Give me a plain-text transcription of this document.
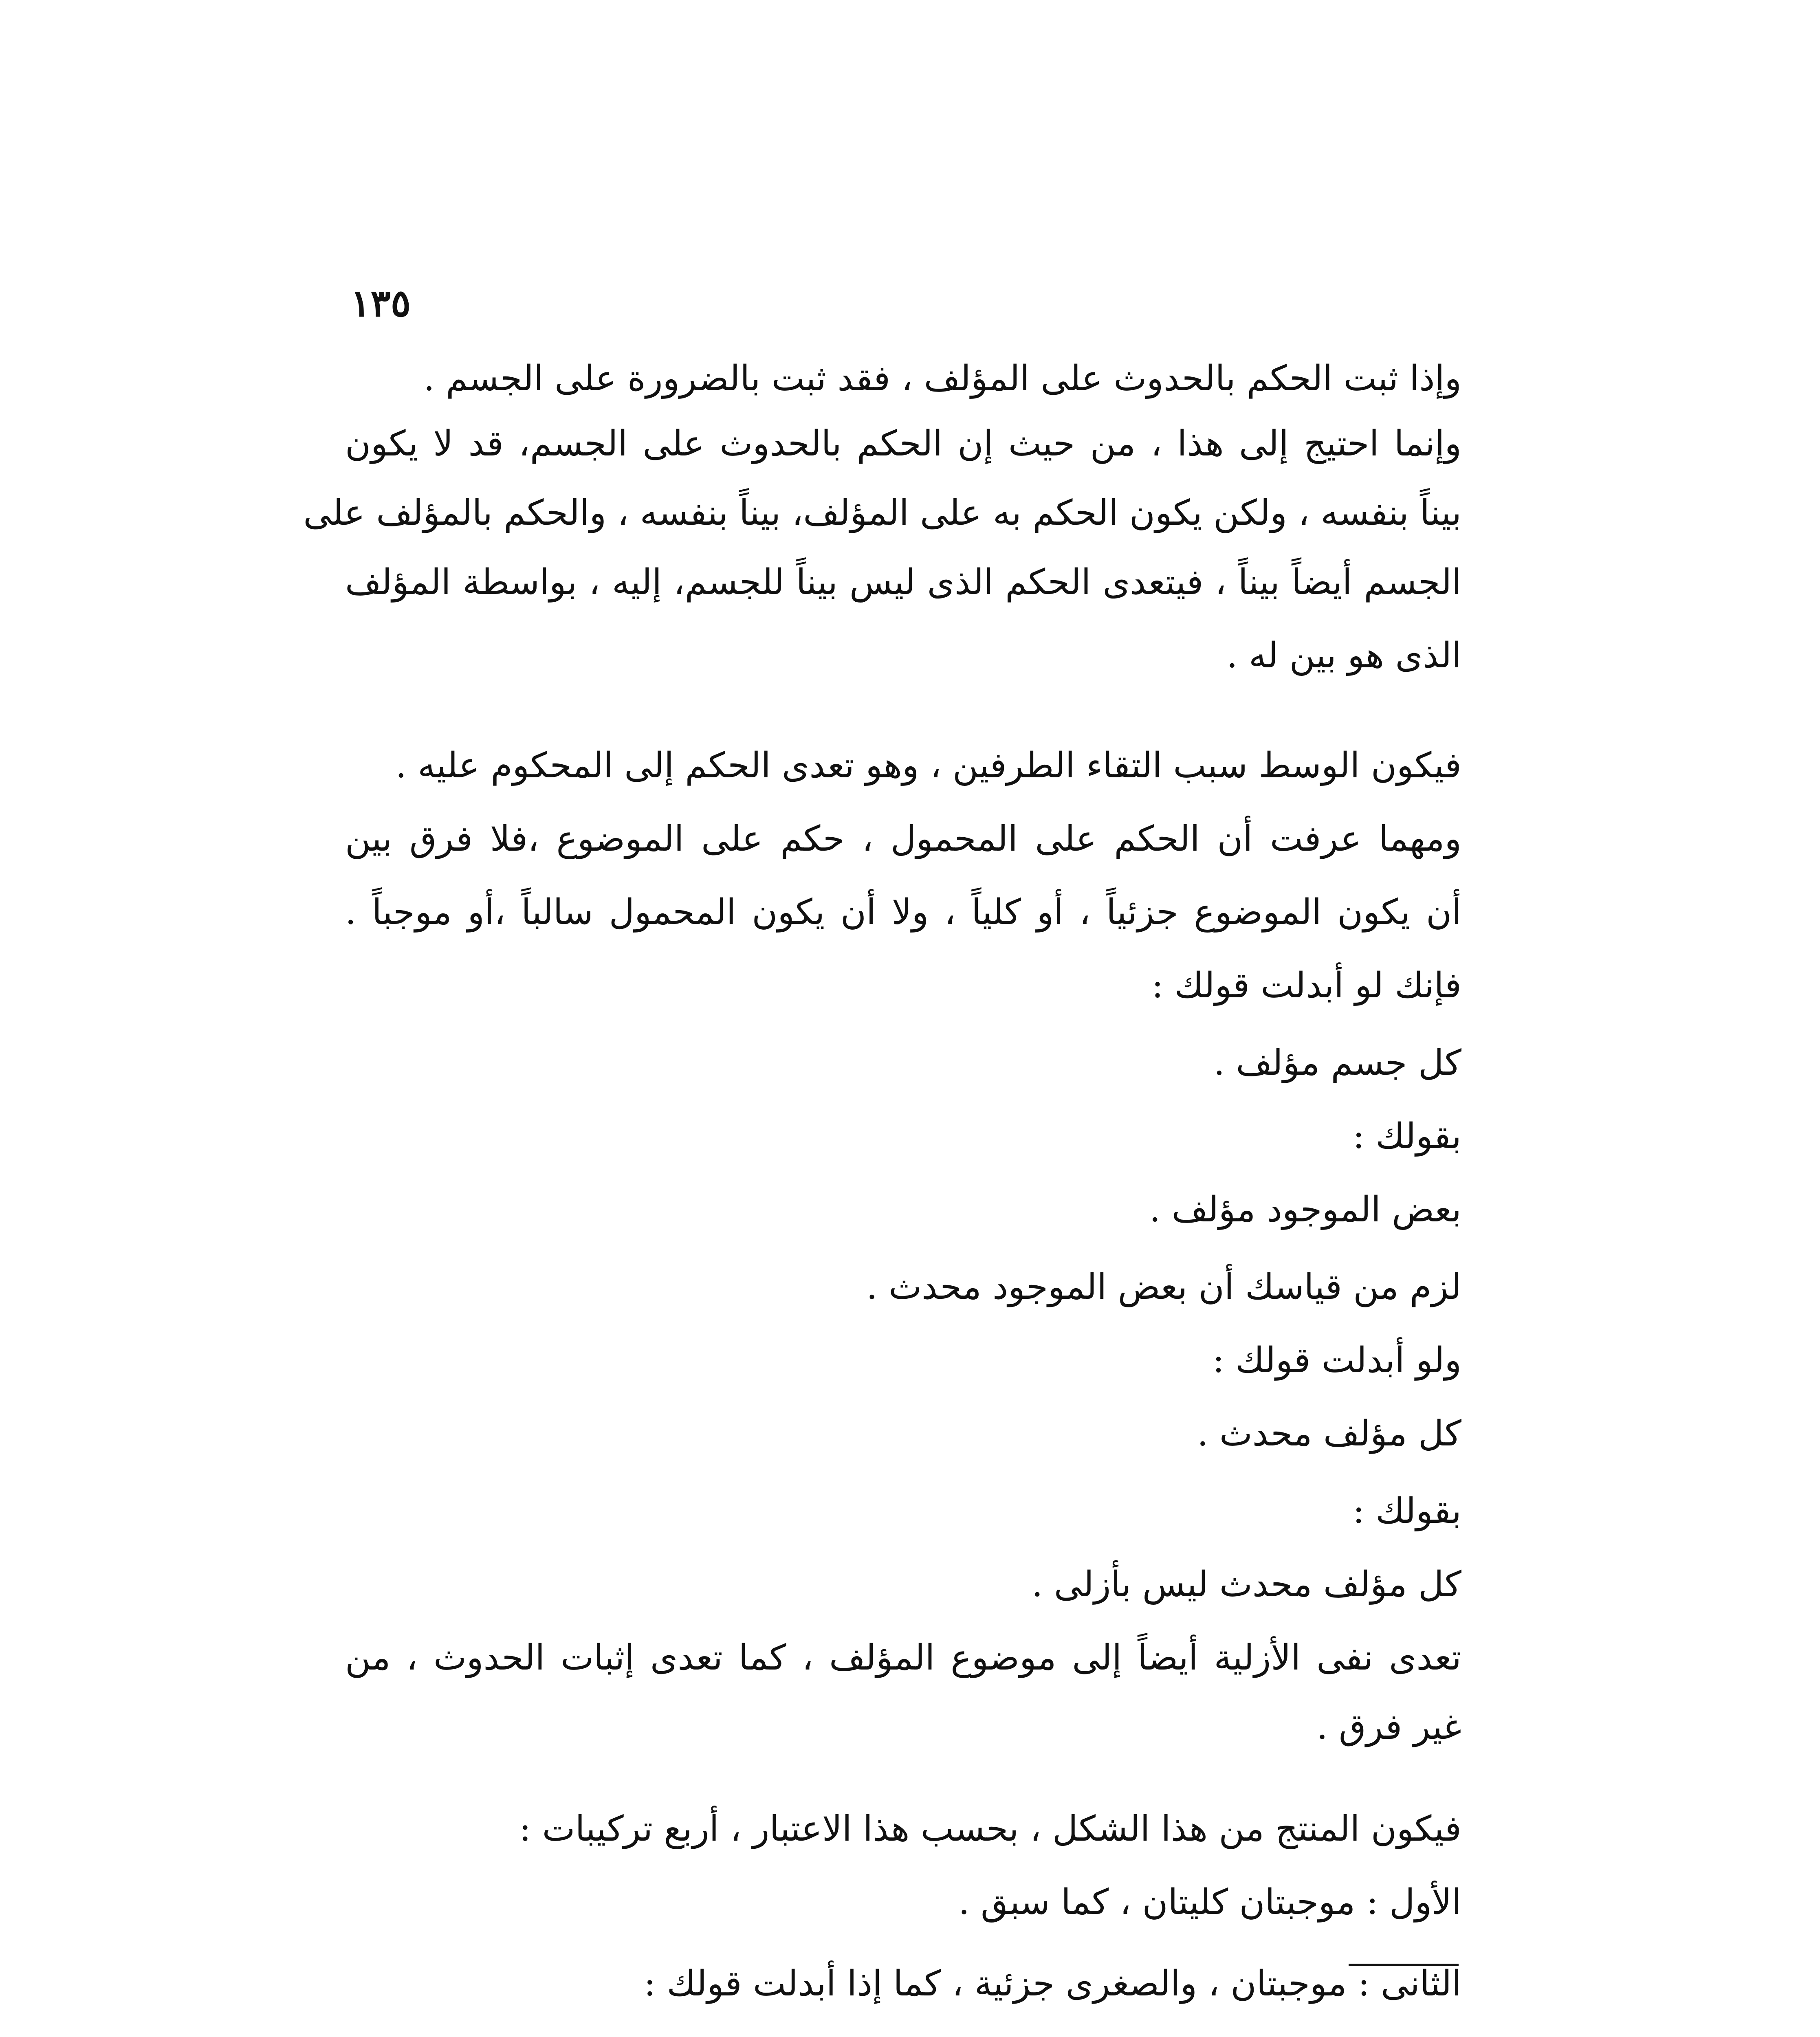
١٣٥

وإذا ثبت الحكم بالحدوث على المؤلف ، فقد ثبت بالضرورة على الجسم .

وإنما احتيج إلى هذا ، من حيث إن الحكم بالحدوث على الجسم، قد لا يكون

بيناً بنفسه ، ولكن يكون الحكم به على المؤلف، بيناً بنفسه ، والحكم بالمؤلف على

الجسم أيضاً بيناً ، فيتعدى الحكم الذى ليس بيناً للجسم، إليه ، بواسطة المؤلف

الذى هو بين له .

فيكون الوسط سبب التقاء الطرفين ، وهو تعدى الحكم إلى المحكوم عليه .

ومهما عرفت أن الحكم على المحمول ، حكم على الموضوع ،فلا فرق بين

أن يكون الموضوع جزئياً ، أو كلياً ، ولا أن يكون المحمول سالباً ،أو موجباً .

فإنك لو أبدلت قولك :

كل جسم مؤلف .

بقولك :

بعض الموجود مؤلف .

لزم من قياسك أن بعض الموجود محدث .

ولو أبدلت قولك :

كل مؤلف محدث .

بقولك :

كل مؤلف محدث ليس بأزلى .

تعدى نفى الأزلية أيضاً إلى موضوع المؤلف ، كما تعدى إثبات الحدوث ، من

غير فرق .

فيكون المنتج من هذا الشكل ، بحسب هذا الاعتبار ، أربع تركيبات :

الأول : موجبتان كليتان ، كما سبق .

الثانى : موجبتان ، والصغرى جزئية ، كما إذا أبدلت قولك :
